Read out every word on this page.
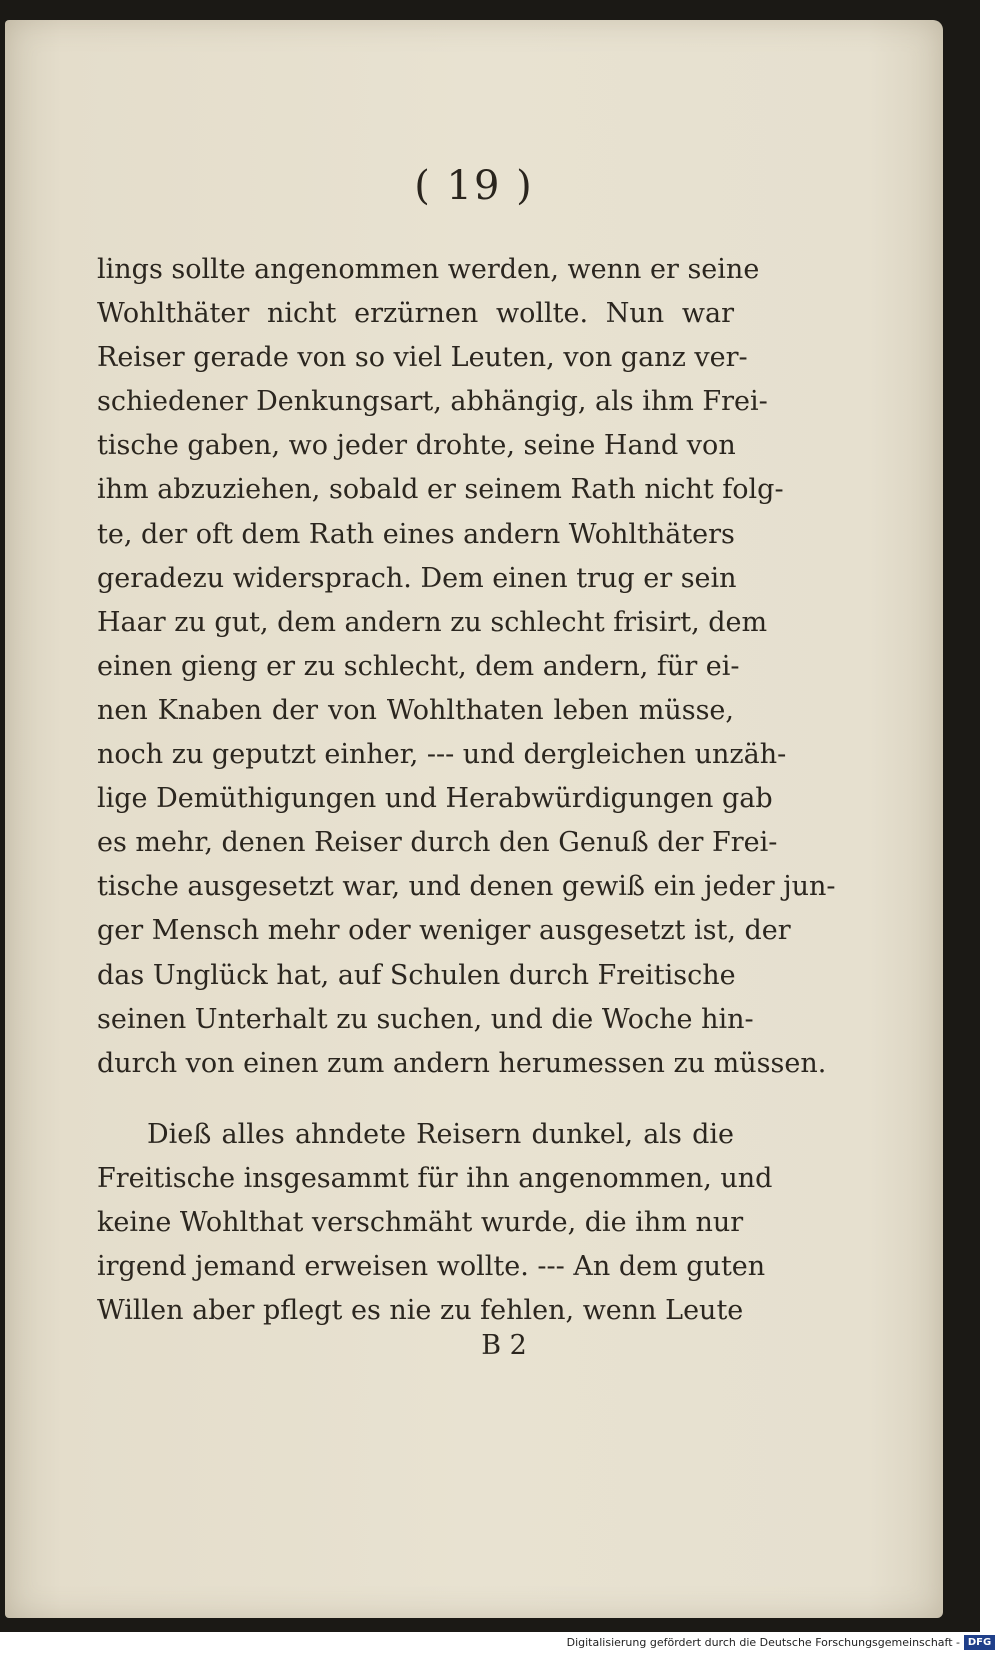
( 19 )
lings sollte angenommen werden, wenn er seine
Wohlthäter nicht erzürnen wollte. Nun war
Reiser gerade von so viel Leuten, von ganz ver-
schiedener Denkungsart, abhängig, als ihm Frei-
tische gaben, wo jeder drohte, seine Hand von
ihm abzuziehen, sobald er seinem Rath nicht folg-
te, der oft dem Rath eines andern Wohlthäters
geradezu widersprach. Dem einen trug er sein
Haar zu gut, dem andern zu schlecht frisirt, dem
einen gieng er zu schlecht, dem andern, für ei-
nen Knaben der von Wohlthaten leben müsse,
noch zu geputzt einher, --- und dergleichen unzäh-
lige Demüthigungen und Herabwürdigungen gab
es mehr, denen Reiser durch den Genuß der Frei-
tische ausgesetzt war, und denen gewiß ein jeder jun-
ger Mensch mehr oder weniger ausgesetzt ist, der
das Unglück hat, auf Schulen durch Freitische
seinen Unterhalt zu suchen, und die Woche hin-
durch von einen zum andern herumessen zu müssen.
Dieß alles ahndete Reisern dunkel, als die
Freitische insgesammt für ihn angenommen, und
keine Wohlthat verschmäht wurde, die ihm nur
irgend jemand erweisen wollte. --- An dem guten
Willen aber pflegt es nie zu fehlen, wenn Leute
B 2
Digitalisierung gefördert durch die Deutsche Forschungsgemeinschaft - DFG
